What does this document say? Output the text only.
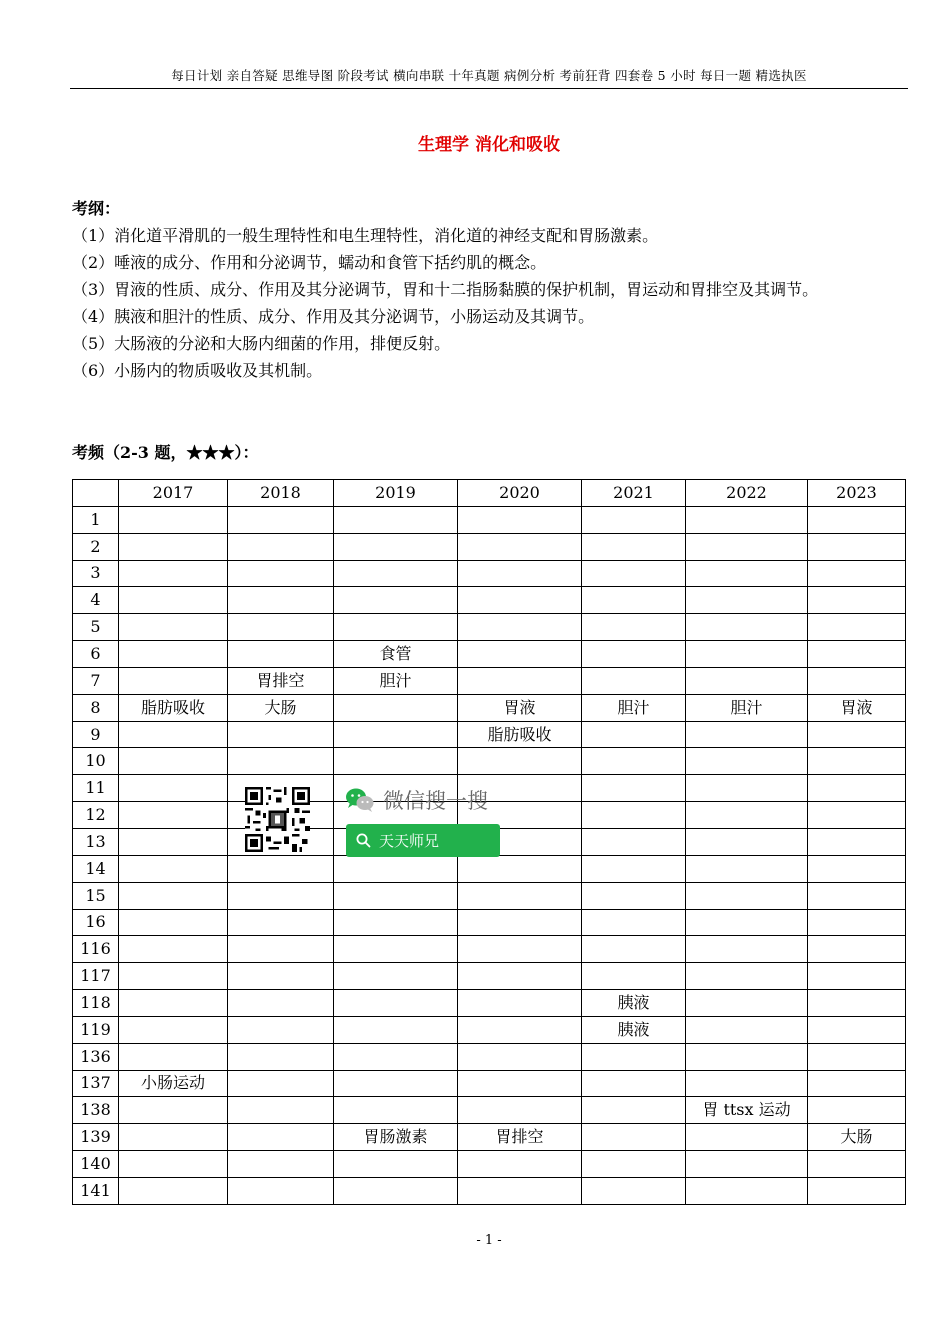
每日计划 亲自答疑 思维导图 阶段考试 横向串联 十年真题 病例分析 考前狂背 四套卷 5 小时 每日一题 精选执医
生理学 消化和吸收
考纲：
（1）消化道平滑肌的一般生理特性和电生理特性，消化道的神经支配和胃肠激素。
（2）唾液的成分、作用和分泌调节，蠕动和食管下括约肌的概念。
（3）胃液的性质、成分、作用及其分泌调节，胃和十二指肠黏膜的保护机制，胃运动和胃排空及其调节。
（4）胰液和胆汁的性质、成分、作用及其分泌调节，小肠运动及其调节。
（5）大肠液的分泌和大肠内细菌的作用，排便反射。
（6）小肠内的物质吸收及其机制。
考频（2-3 题，★★★）：
	2017	2018	2019	2020	2021	2022	2023
1							
2							
3							
4							
5							
6			食管				
7		胃排空	胆汁				
8	脂肪吸收	大肠		胃液	胆汁	胆汁	胃液
9				脂肪吸收			
10							
11							
12							
13							
14							
15							
16							
116							
117							
118					胰液		
119					胰液		
136							
137	小肠运动						
138						胃 ttsx 运动	
139			胃肠激素	胃排空			大肠
140							
141							
微信搜一搜
天天师兄
- 1 -
